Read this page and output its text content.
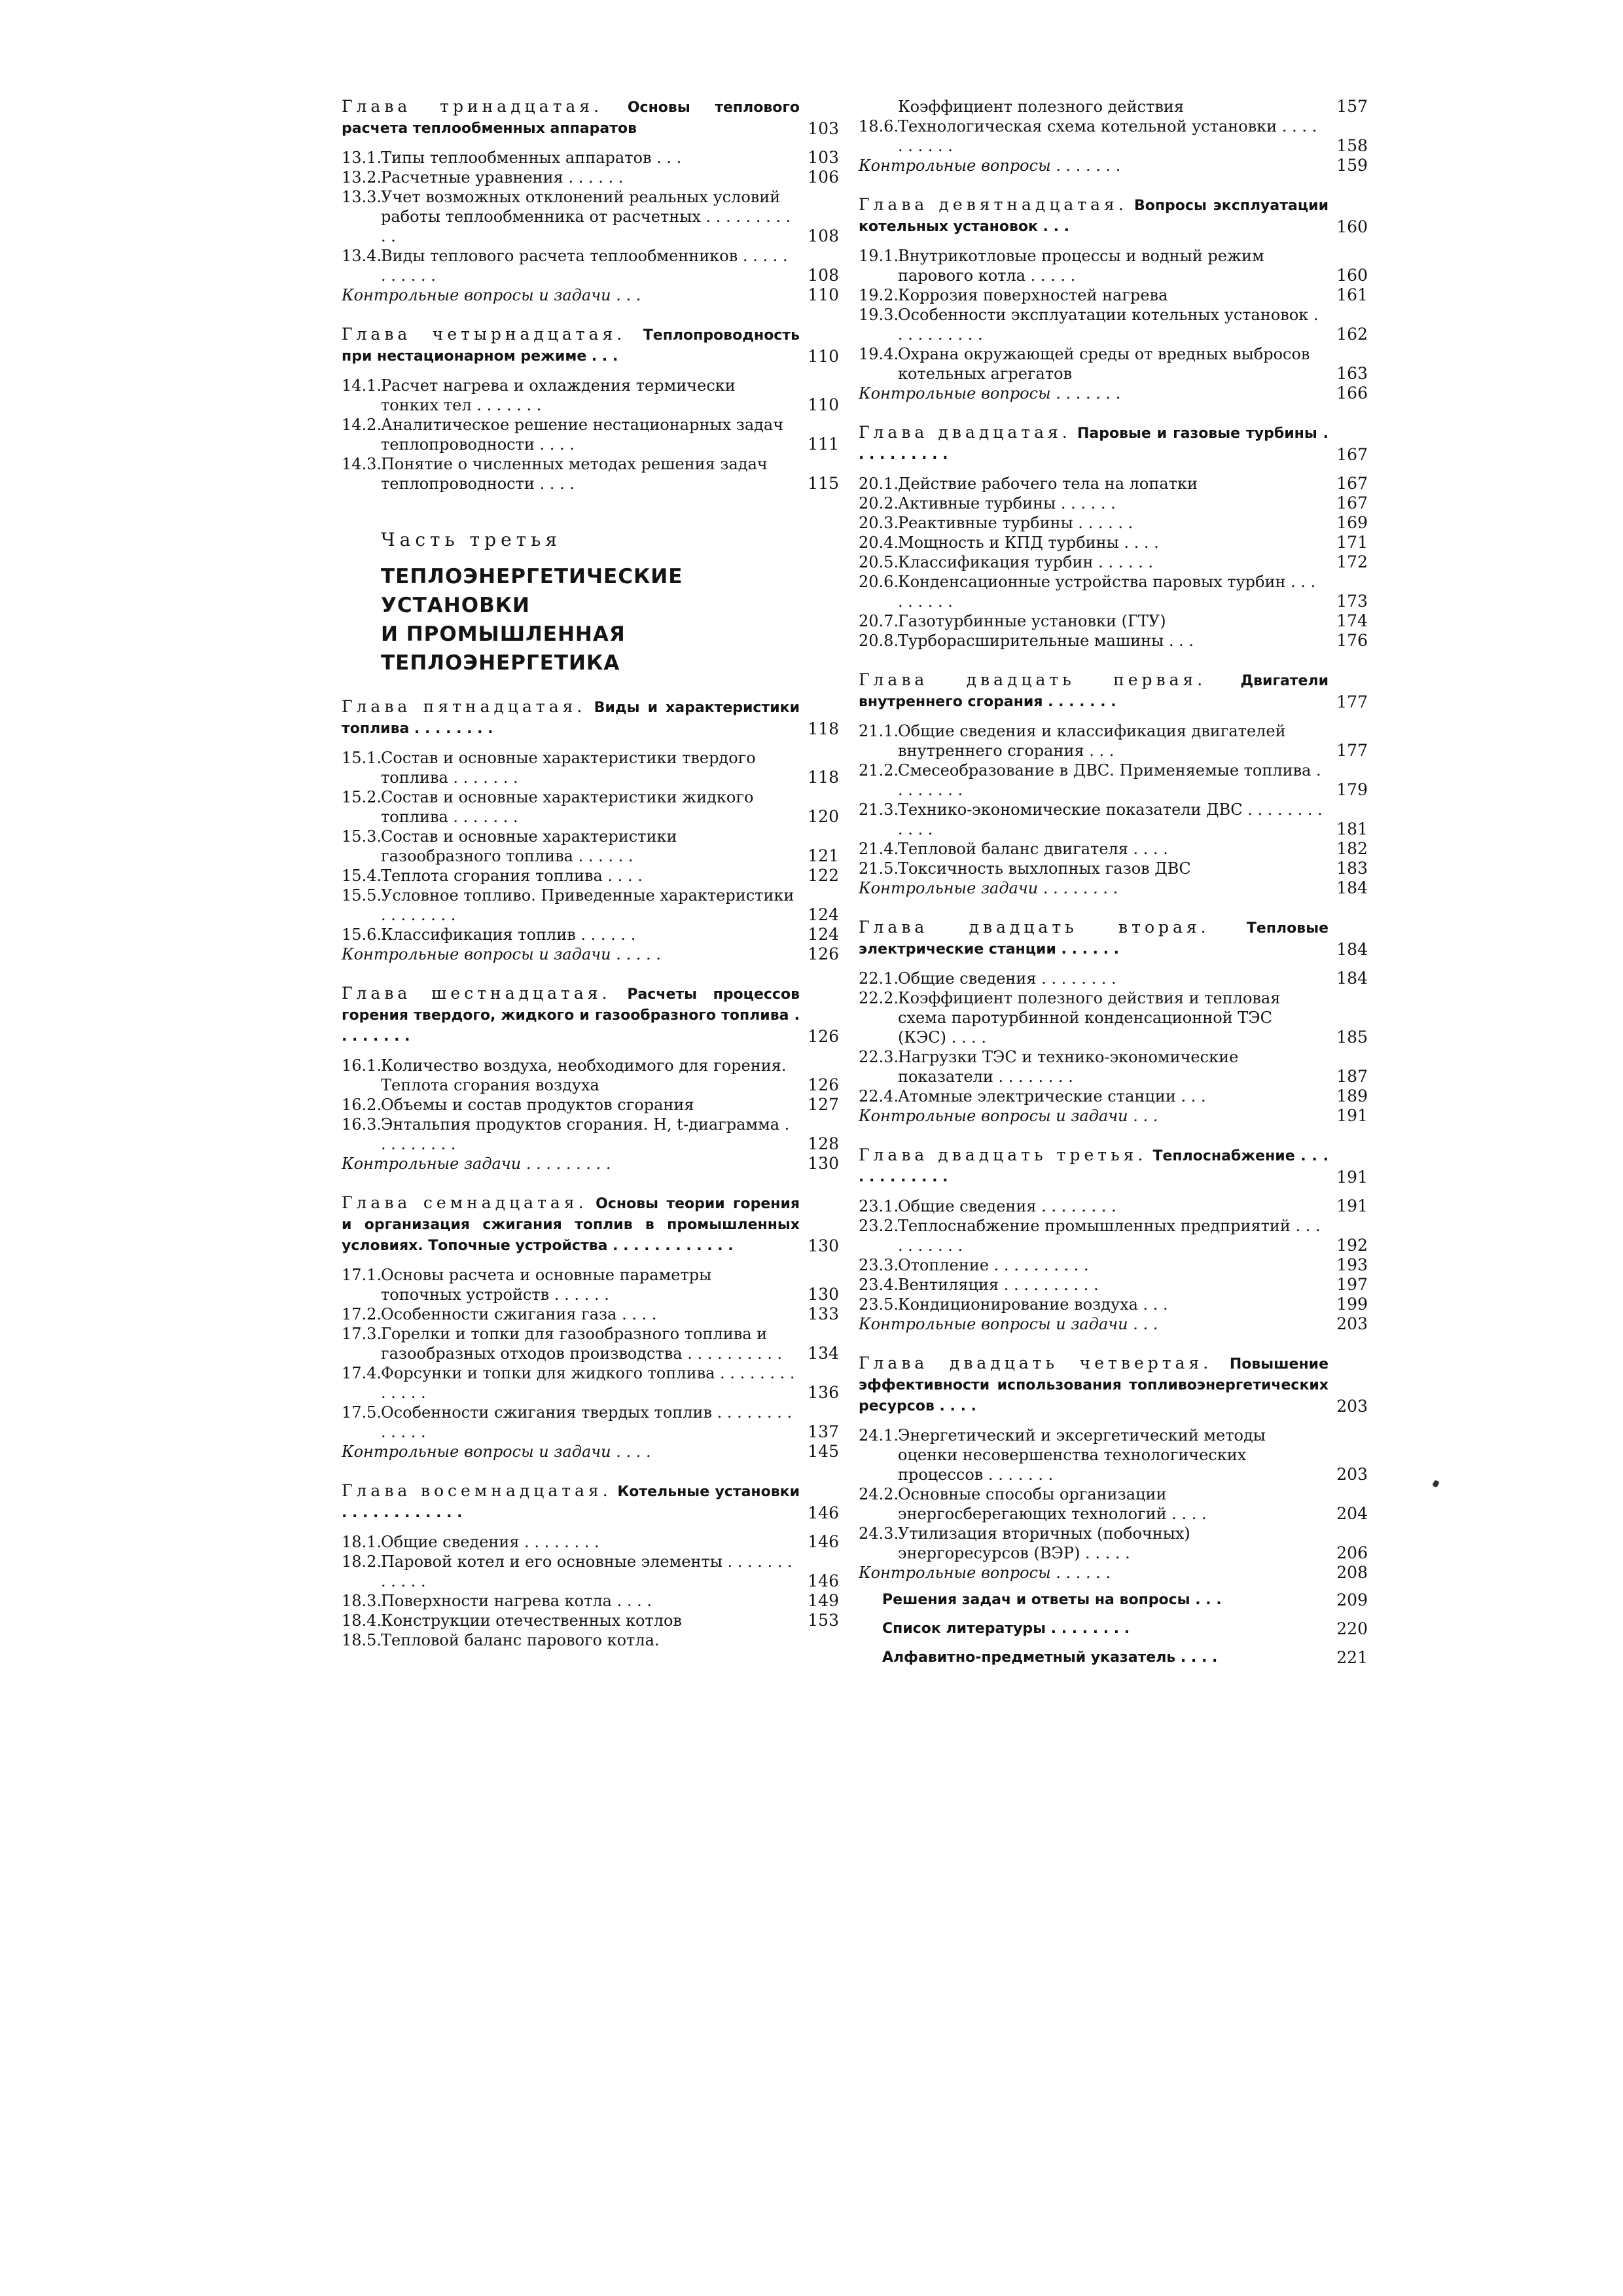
Глава тринадцатая. Основы теплового расчета теплообменных аппаратов	103
13.1.
Типы теплообменных аппаратов . . .	103
13.2.
Расчетные уравнения . . . . . .	106
13.3.
Учет возможных отклонений реальных условий работы теплообменника от расчетных . . . . . . . . . . .	108
13.4.
Виды теплового расчета теплообменников . . . . . . . . . . .	108
Контрольные вопросы и задачи . . .	110
Глава четырнадцатая. Теплопроводность при нестационарном режиме . . .	110
14.1.
Расчет нагрева и охлаждения термически тонких тел . . . . . . .	110
14.2.
Аналитическое решение нестационарных задач теплопроводности . . . .	111
14.3.
Понятие о численных методах решения задач теплопроводности . . . .	115
Часть третья
ТЕПЛОЭНЕРГЕТИЧЕСКИЕ
УСТАНОВКИ
И ПРОМЫШЛЕННАЯ
ТЕПЛОЭНЕРГЕТИКА
Глава пятнадцатая. Виды и характеристики топлива . . . . . . . .	118
15.1.
Состав и основные характеристики твердого топлива . . . . . . .	118
15.2.
Состав и основные характеристики жидкого топлива . . . . . . .	120
15.3.
Состав и основные характеристики газообразного топлива . . . . . .	121
15.4.
Теплота сгорания топлива . . . .	122
15.5.
Условное топливо. Приведенные характеристики . . . . . . . .	124
15.6.
Классификация топлив . . . . . .	124
Контрольные вопросы и задачи . . . . .	126
Глава шестнадцатая. Расчеты процессов горения твердого, жидкого и газообразного топлива . . . . . . . .	126
16.1.
Количество воздуха, необходимого для горения. Теплота сгорания воздуха	126
16.2.
Объемы и состав продуктов сгорания	127
16.3.
Энтальпия продуктов сгорания. H, t-диаграмма . . . . . . . . .	128
Контрольные задачи . . . . . . . . .	130
Глава семнадцатая. Основы теории горения и организация сжигания топлив в промышленных условиях. Топочные устройства . . . . . . . . . . . .	130
17.1.
Основы расчета и основные параметры топочных устройств . . . . . .	130
17.2.
Особенности сжигания газа . . . .	133
17.3.
Горелки и топки для газообразного топлива и газообразных отходов производства . . . . . . . . . .	134
17.4.
Форсунки и топки для жидкого топлива . . . . . . . . . . . . .	136
17.5.
Особенности сжигания твердых топлив . . . . . . . . . . . . .	137
Контрольные вопросы и задачи . . . .	145
Глава восемнадцатая. Котельные установки . . . . . . . . . . . .	146
18.1.
Общие сведения . . . . . . . .	146
18.2.
Паровой котел и его основные элементы . . . . . . . . . . . .	146
18.3.
Поверхности нагрева котла . . . .	149
18.4.
Конструкции отечественных котлов	153
18.5.
Тепловой баланс парового котла.
Коэффициент полезного действия	157
18.6.
Технологическая схема котельной установки . . . . . . . . . .	158
Контрольные вопросы . . . . . . .	159
Глава девятнадцатая. Вопросы эксплуатации котельных установок . . .	160
19.1.
Внутрикотловые процессы и водный режим парового котла . . . . .	160
19.2.
Коррозия поверхностей нагрева	161
19.3.
Особенности эксплуатации котельных установок . . . . . . . . . .	162
19.4.
Охрана окружающей среды от вредных выбросов котельных агрегатов	163
Контрольные вопросы . . . . . . .	166
Глава двадцатая. Паровые и газовые турбины . . . . . . . . . .	167
20.1.
Действие рабочего тела на лопатки	167
20.2.
Активные турбины . . . . . .	167
20.3.
Реактивные турбины . . . . . .	169
20.4.
Мощность и КПД турбины . . . .	171
20.5.
Классификация турбин . . . . . .	172
20.6.
Конденсационные устройства паровых турбин . . . . . . . . .	173
20.7.
Газотурбинные установки (ГТУ)	174
20.8.
Турборасширительные машины . . .	176
Глава двадцать первая. Двигатели внутреннего сгорания . . . . . . .	177
21.1.
Общие сведения и классификация двигателей внутреннего сгорания . . .	177
21.2.
Смесеобразование в ДВС. Применяемые топлива . . . . . . . .	179
21.3.
Технико-экономические показатели ДВС . . . . . . . . . . . .	181
21.4.
Тепловой баланс двигателя . . . .	182
21.5.
Токсичность выхлопных газов ДВС	183
Контрольные задачи . . . . . . . .	184
Глава двадцать вторая.	Тепловые электрические станции . . . . . .	184
22.1.
Общие сведения . . . . . . . .	184
22.2.
Коэффициент полезного действия и тепловая схема паротурбинной конденсационной ТЭС (КЭС) . . . .	185
22.3.
Нагрузки ТЭС и технико-экономические показатели . . . . . . . .	187
22.4.
Атомные электрические станции . . .	189
Контрольные вопросы и задачи . . .	191
Глава двадцать третья. Теплоснабжение . . . . . . . . . . . .	191
23.1.
Общие сведения . . . . . . . .	191
23.2.
Теплоснабжение промышленных предприятий . . . . . . . . . .	192
23.3.
Отопление . . . . . . . . . .	193
23.4.
Вентиляция . . . . . . . . . .	197
23.5.
Кондиционирование воздуха . . .	199
Контрольные вопросы и задачи . . .	203
Глава двадцать четвертая. Повышение эффективности использования топливоэнергетических ресурсов . . . .	203
24.1.
Энергетический и эксергетический методы оценки несовершенства технологических процессов . . . . . . .	203
24.2.
Основные способы организации энергосберегающих технологий . . . .	204
24.3.
Утилизация вторичных (побочных) энергоресурсов (ВЭР) . . . . .	206
Контрольные вопросы . . . . . .	208
Решения задач и ответы на вопросы . . .	209
Список литературы . . . . . . . .	220
Алфавитно-предметный указатель . . . .	221
